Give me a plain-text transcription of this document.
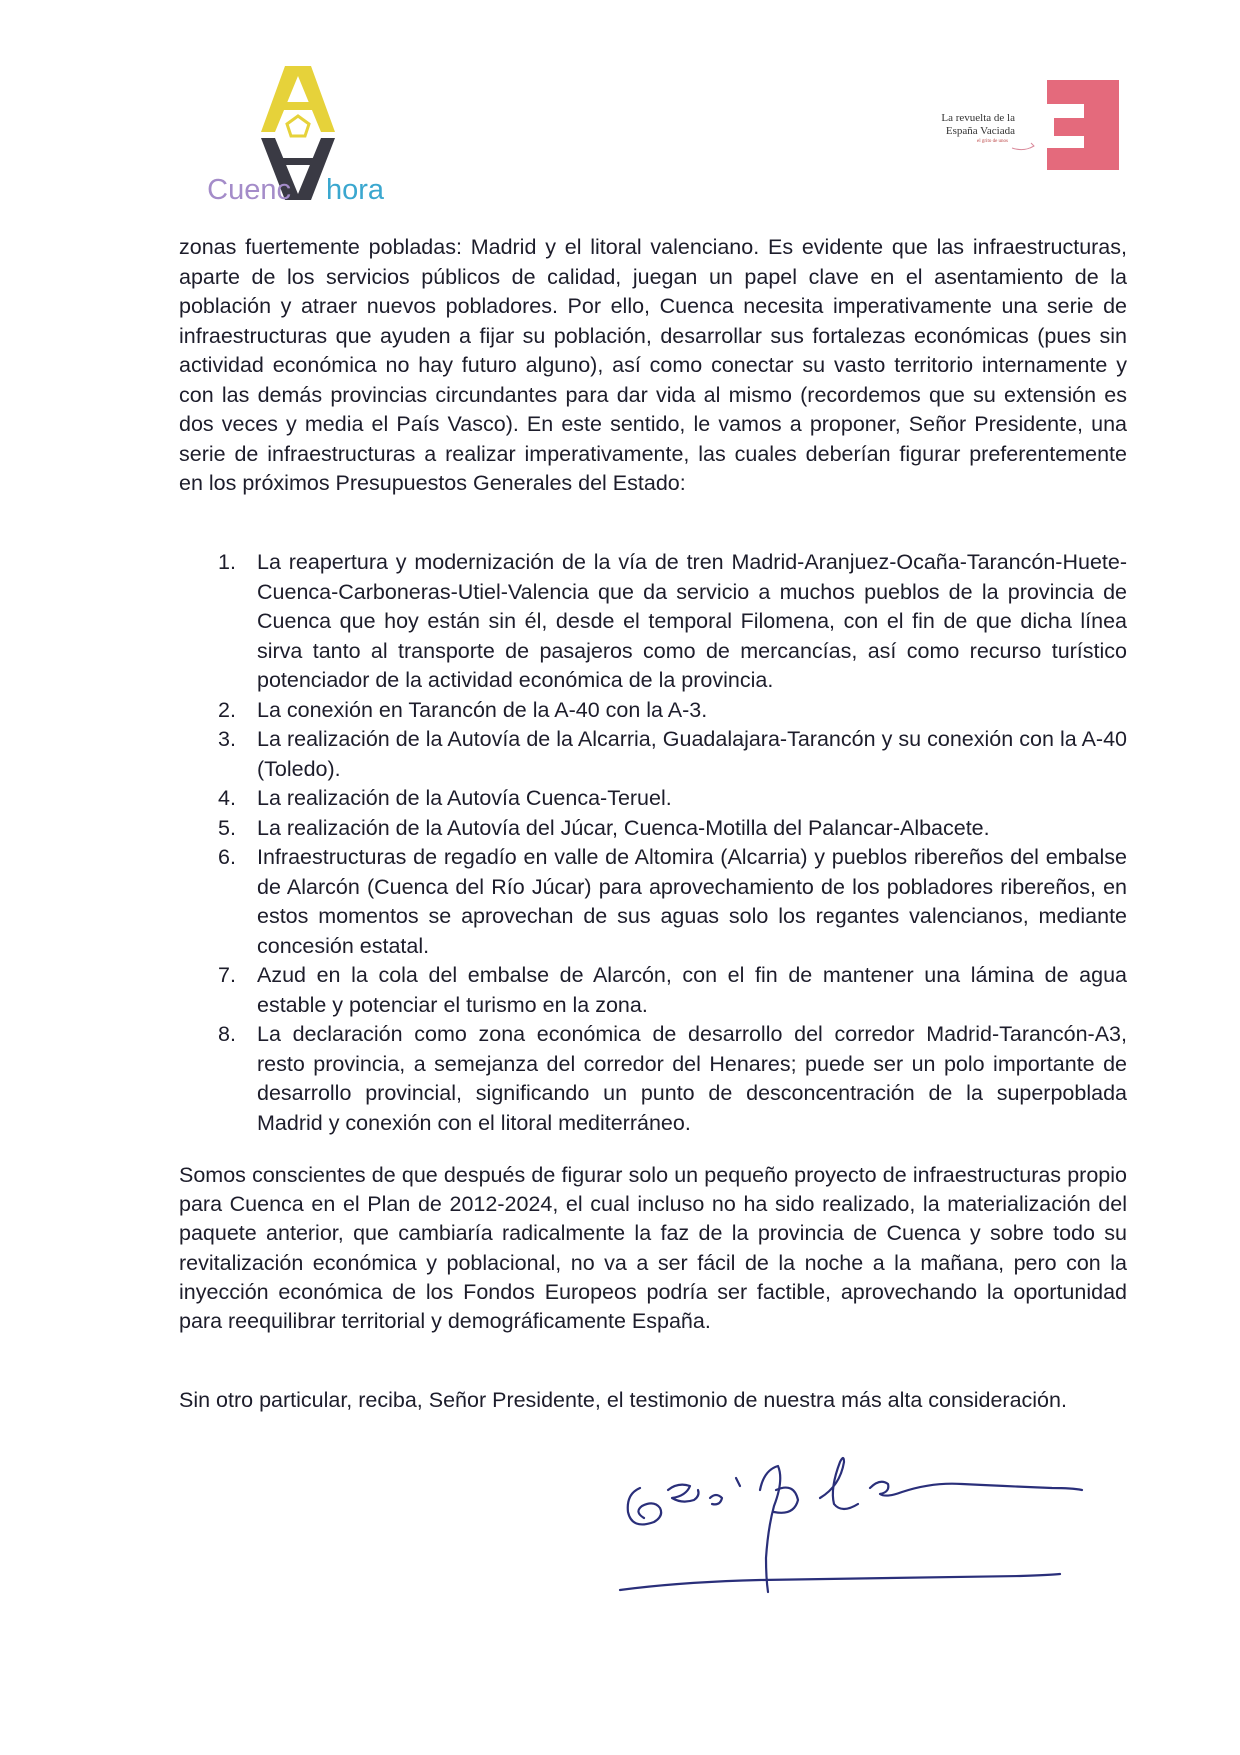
Cuenc hora
La revuelta de la
España Vaciada
el grito de unos

zonas fuertemente pobladas: Madrid y el litoral valenciano. Es evidente que las infraestructuras, aparte de los servicios públicos de calidad, juegan un papel clave en el asentamiento de la población y atraer nuevos pobladores. Por ello, Cuenca necesita imperativamente una serie de infraestructuras que ayuden a fijar su población, desarrollar sus fortalezas económicas (pues sin actividad económica no hay futuro alguno), así como conectar su vasto territorio internamente y con las demás provincias circundantes para dar vida al mismo (recordemos que su extensión es dos veces y media el País Vasco). En este sentido, le vamos a proponer, Señor Presidente, una serie de infraestructuras a realizar imperativamente, las cuales deberían figurar preferentemente en los próximos Presupuestos Generales del Estado:

1. La reapertura y modernización de la vía de tren Madrid-Aranjuez-Ocaña-Tarancón-Huete-Cuenca-Carboneras-Utiel-Valencia que da servicio a muchos pueblos de la provincia de Cuenca que hoy están sin él, desde el temporal Filomena, con el fin de que dicha línea sirva tanto al transporte de pasajeros como de mercancías, así como recurso turístico potenciador de la actividad económica de la provincia.
2. La conexión en Tarancón de la A-40 con la A-3.
3. La realización de la Autovía de la Alcarria, Guadalajara-Tarancón y su conexión con la A-40 (Toledo).
4. La realización de la Autovía Cuenca-Teruel.
5. La realización de la Autovía del Júcar, Cuenca-Motilla del Palancar-Albacete.
6. Infraestructuras de regadío en valle de Altomira (Alcarria) y pueblos ribereños del embalse de Alarcón (Cuenca del Río Júcar) para aprovechamiento de los pobladores ribereños, en estos momentos se aprovechan de sus aguas solo los regantes valencianos, mediante concesión estatal.
7. Azud en la cola del embalse de Alarcón, con el fin de mantener una lámina de agua estable y potenciar el turismo en la zona.
8. La declaración como zona económica de desarrollo del corredor Madrid-Tarancón-A3, resto provincia, a semejanza del corredor del Henares; puede ser un polo importante de desarrollo provincial, significando un punto de desconcentración de la superpoblada Madrid y conexión con el litoral mediterráneo.

Somos conscientes de que después de figurar solo un pequeño proyecto de infraestructuras propio para Cuenca en el Plan de 2012-2024, el cual incluso no ha sido realizado, la materialización del paquete anterior, que cambiaría radicalmente la faz de la provincia de Cuenca y sobre todo su revitalización económica y poblacional, no va a ser fácil de la noche a la mañana, pero con la inyección económica de los Fondos Europeos podría ser factible, aprovechando la oportunidad para reequilibrar territorial y demográficamente España.

Sin otro particular, reciba, Señor Presidente, el testimonio de nuestra más alta consideración.
